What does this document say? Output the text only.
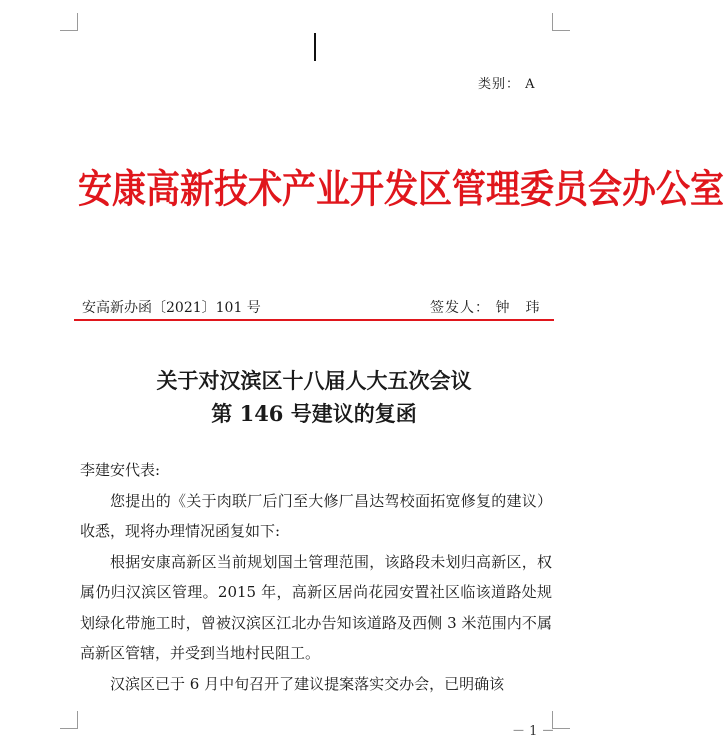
类别： A
安康高新技术产业开发区管理委员会办公室
安高新办函〔2021〕101 号	签发人： 钟　玮
关于对汉滨区十八届人大五次会议
第 146 号建议的复函

李建安代表:

您提出的《关于肉联厂后门至大修厂昌达驾校面拓宽修复的建议）收悉，现将办理情况函复如下:

根据安康高新区当前规划国土管理范围，该路段未划归高新区，权属仍归汉滨区管理。2015 年，高新区居尚花园安置社区临该道路处规划绿化带施工时，曾被汉滨区江北办告知该道路及西侧 3 米范围内不属高新区管辖，并受到当地村民阻工。

汉滨区已于 6 月中旬召开了建议提案落实交办会，已明确该

－ 1 －
